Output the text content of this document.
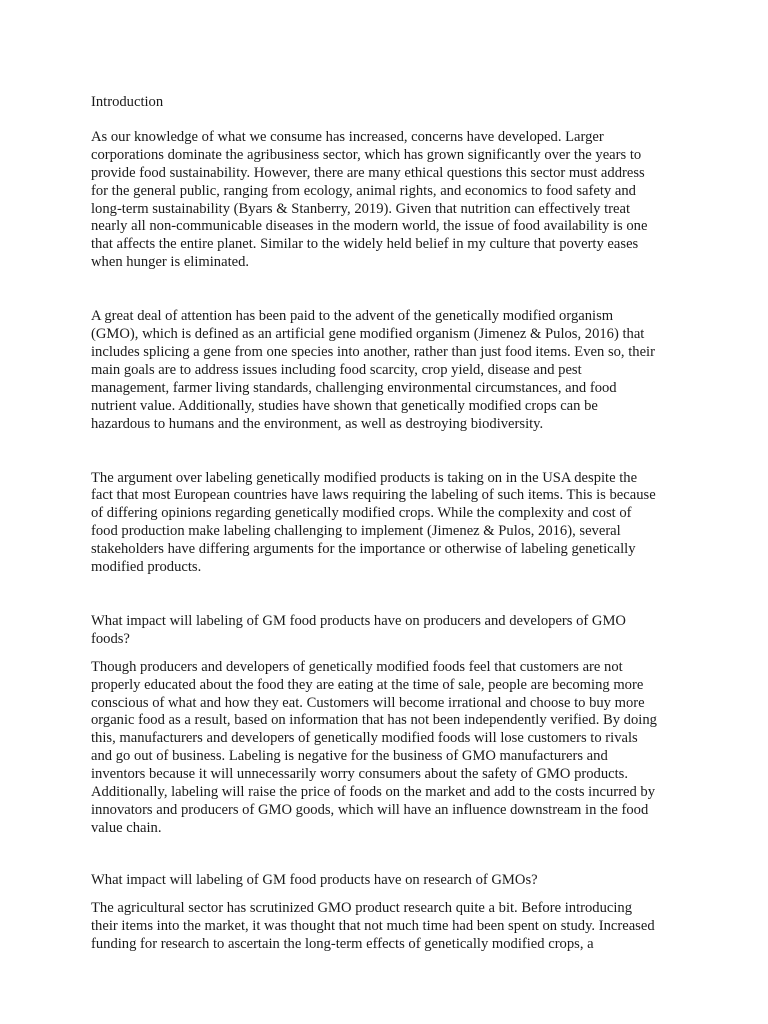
Introduction
As our knowledge of what we consume has increased, concerns have developed. Larger
corporations dominate the agribusiness sector, which has grown significantly over the years to
provide food sustainability. However, there are many ethical questions this sector must address
for the general public, ranging from ecology, animal rights, and economics to food safety and
long-term sustainability (Byars & Stanberry, 2019). Given that nutrition can effectively treat
nearly all non-communicable diseases in the modern world, the issue of food availability is one
that affects the entire planet. Similar to the widely held belief in my culture that poverty eases
when hunger is eliminated.
A great deal of attention has been paid to the advent of the genetically modified organism
(GMO), which is defined as an artificial gene modified organism (Jimenez & Pulos, 2016) that
includes splicing a gene from one species into another, rather than just food items. Even so, their
main goals are to address issues including food scarcity, crop yield, disease and pest
management, farmer living standards, challenging environmental circumstances, and food
nutrient value. Additionally, studies have shown that genetically modified crops can be
hazardous to humans and the environment, as well as destroying biodiversity.
The argument over labeling genetically modified products is taking on in the USA despite the
fact that most European countries have laws requiring the labeling of such items. This is because
of differing opinions regarding genetically modified crops. While the complexity and cost of
food production make labeling challenging to implement (Jimenez & Pulos, 2016), several
stakeholders have differing arguments for the importance or otherwise of labeling genetically
modified products.
What impact will labeling of GM food products have on producers and developers of GMO
foods?
Though producers and developers of genetically modified foods feel that customers are not
properly educated about the food they are eating at the time of sale, people are becoming more
conscious of what and how they eat. Customers will become irrational and choose to buy more
organic food as a result, based on information that has not been independently verified. By doing
this, manufacturers and developers of genetically modified foods will lose customers to rivals
and go out of business. Labeling is negative for the business of GMO manufacturers and
inventors because it will unnecessarily worry consumers about the safety of GMO products.
Additionally, labeling will raise the price of foods on the market and add to the costs incurred by
innovators and producers of GMO goods, which will have an influence downstream in the food
value chain.
What impact will labeling of GM food products have on research of GMOs?
The agricultural sector has scrutinized GMO product research quite a bit. Before introducing
their items into the market, it was thought that not much time had been spent on study. Increased
funding for research to ascertain the long-term effects of genetically modified crops, a
